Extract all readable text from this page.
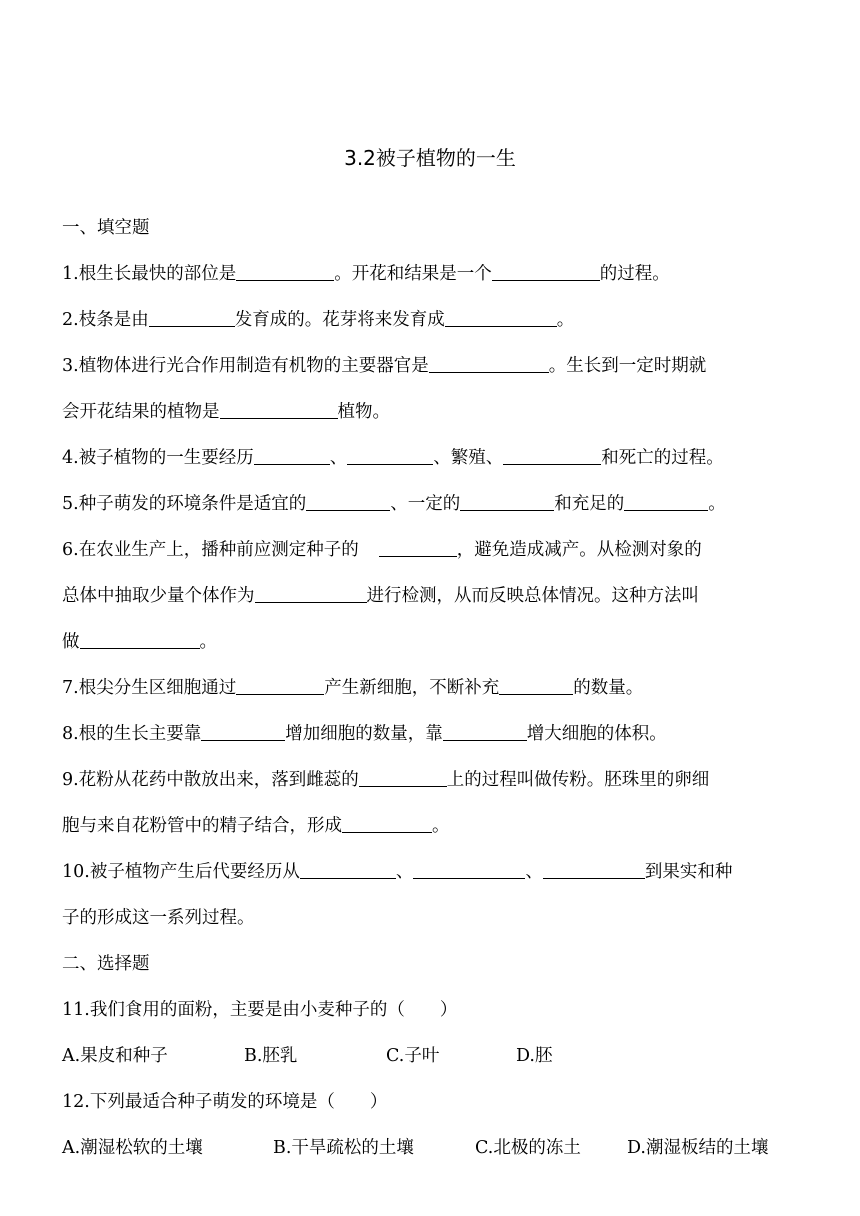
3.2被子植物的一生
一、填空题
1.根生长最快的部位是	。开花和结果是一个	的过程。
2.枝条是由	发育成的。花芽将来发育成	。
3.植物体进行光合作用制造有机物的主要器官是	。生长到一定时期就
会开花结果的植物是	植物。
4.被子植物的一生要经历	、	、繁殖、	和死亡的过程。
5.种子萌发的环境条件是适宜的	、一定的	和充足的	。
6.在农业生产上，播种前应测定种子的	，避免造成减产。从检测对象的
总体中抽取少量个体作为	进行检测，从而反映总体情况。这种方法叫
做	。
7.根尖分生区细胞通过	产生新细胞，不断补充	的数量。
8.根的生长主要靠	增加细胞的数量，靠	增大细胞的体积。
9.花粉从花药中散放出来，落到雌蕊的	上的过程叫做传粉。胚珠里的卵细
胞与来自花粉管中的精子结合，形成	。
10.被子植物产生后代要经历从	、	、	到果实和种
子的形成这一系列过程。
二、选择题
11.我们食用的面粉，主要是由小麦种子的（　　）
A.果皮和种子	B.胚乳	C.子叶	D.胚
12.下列最适合种子萌发的环境是（　　）
A.潮湿松软的土壤	B.干旱疏松的土壤	C.北极的冻土	D.潮湿板结的土壤
